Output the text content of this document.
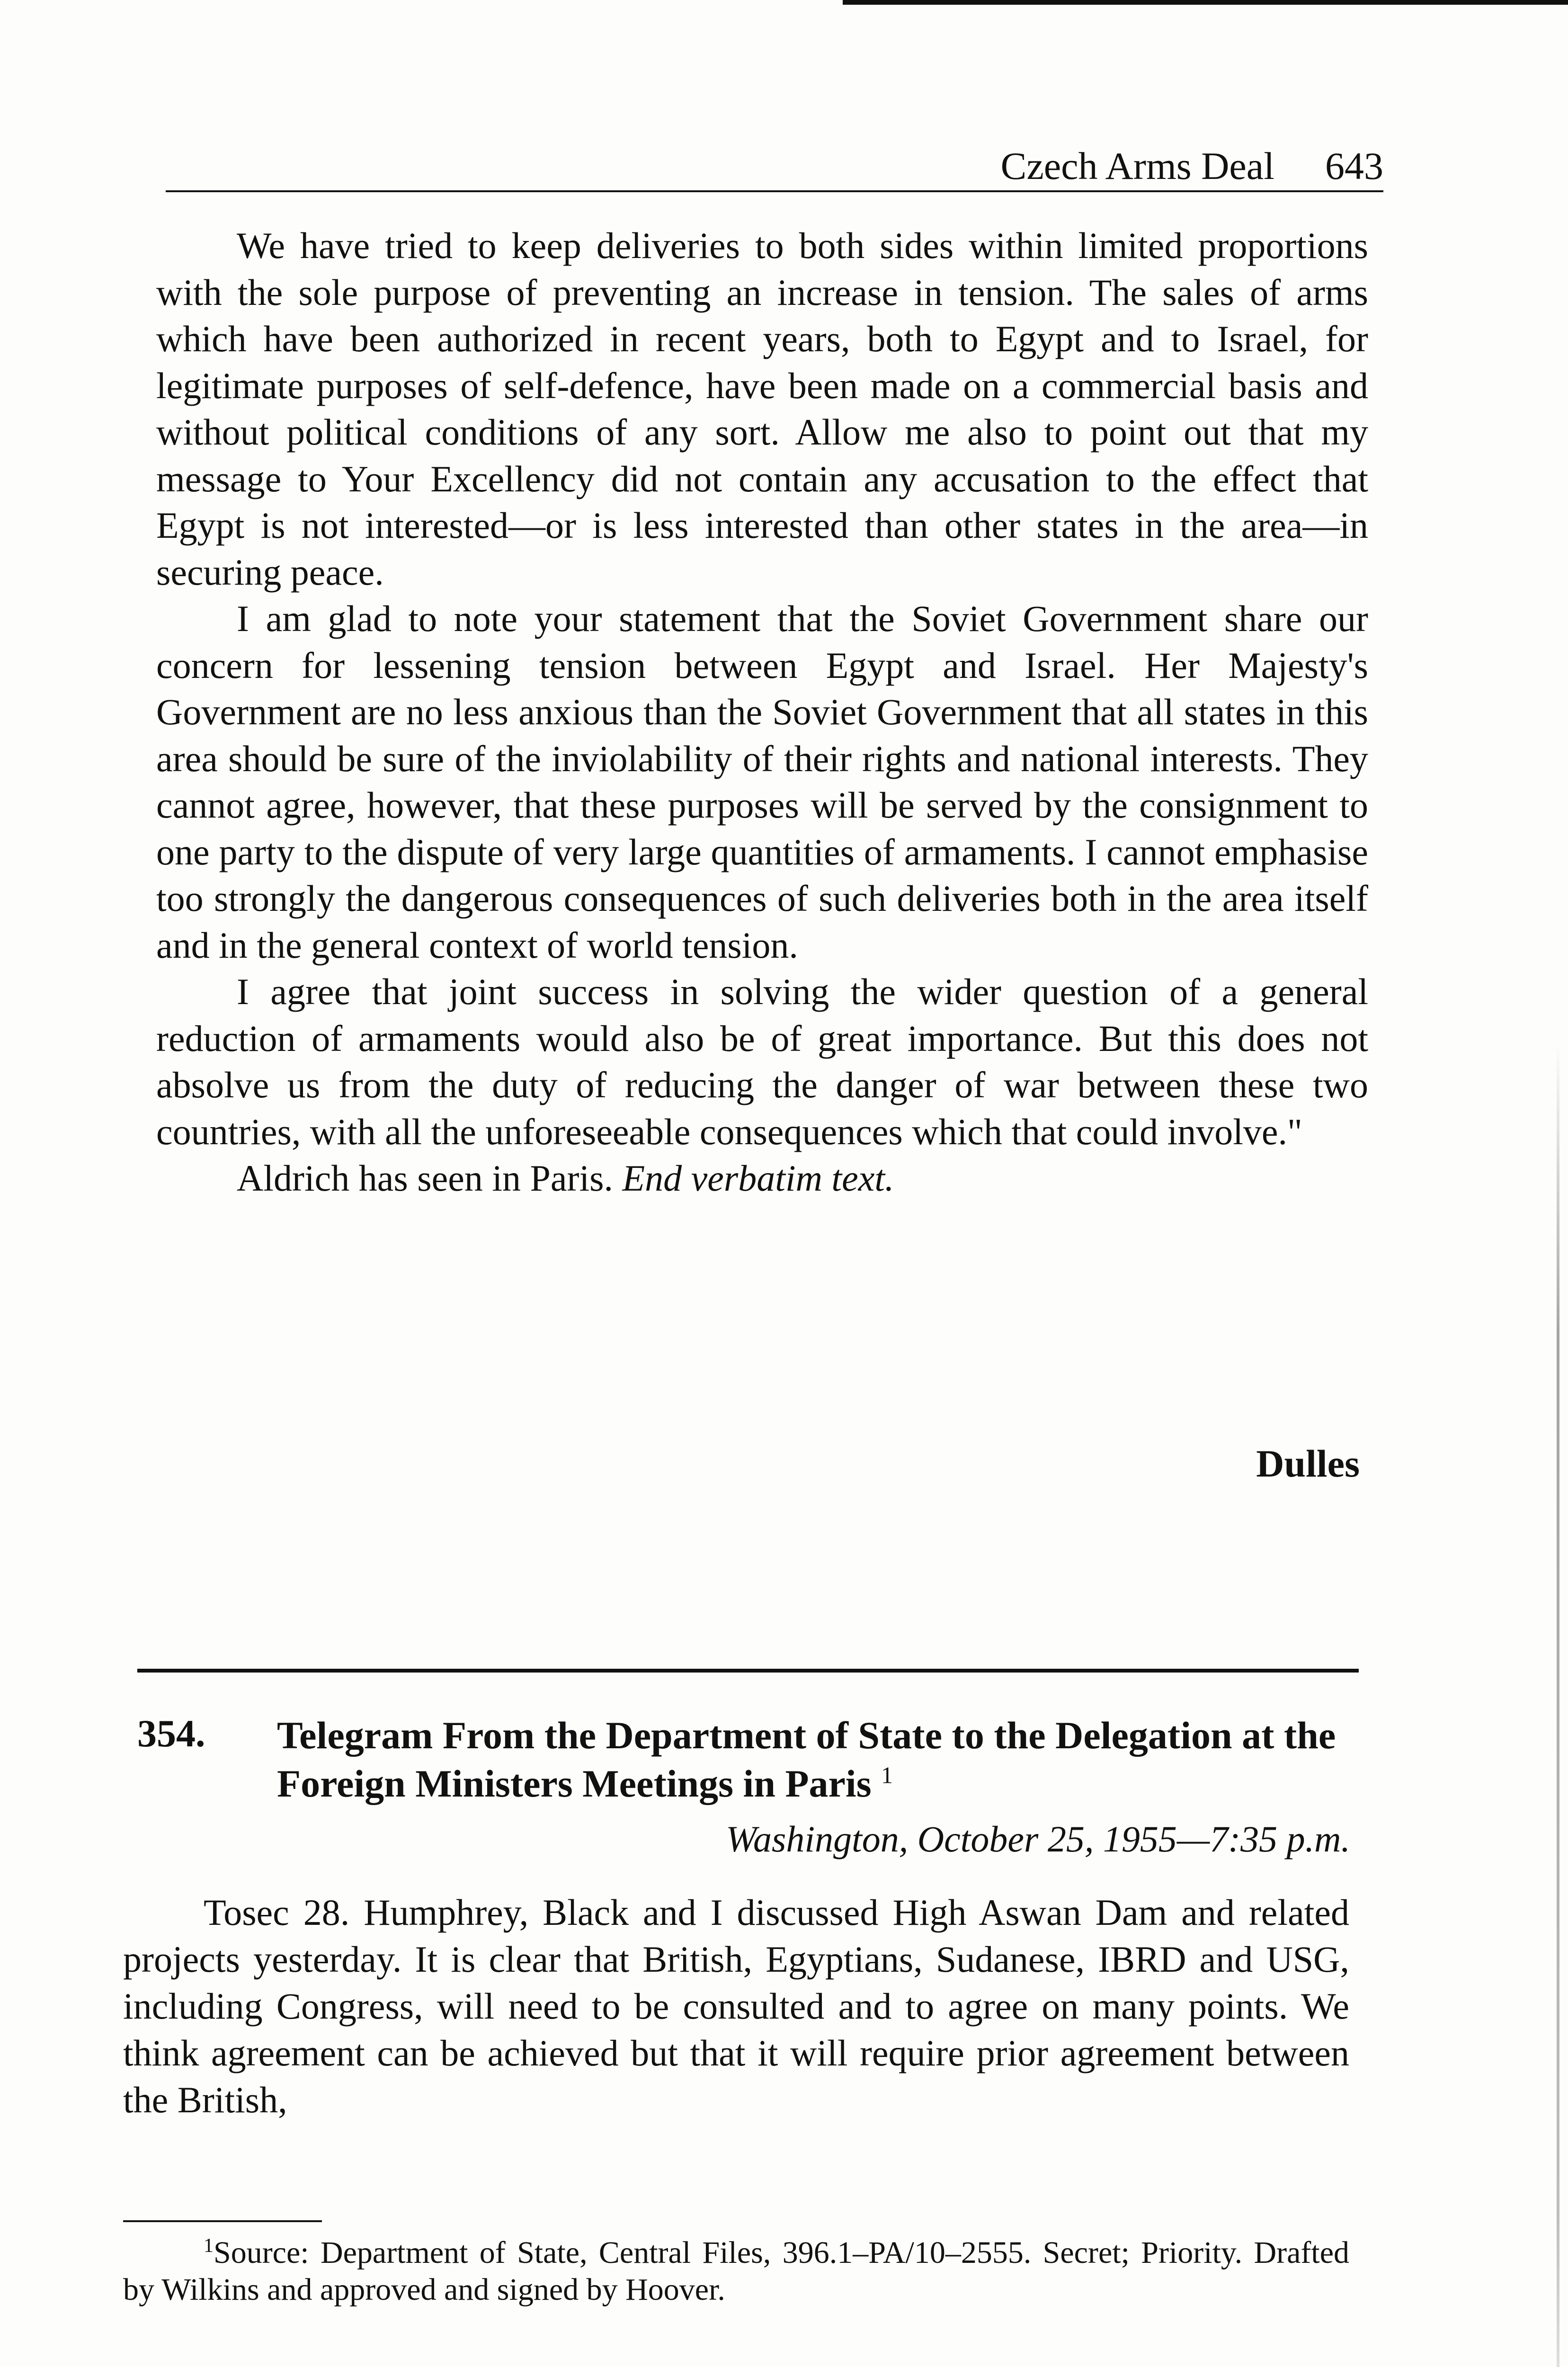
Czech Arms Deal 643

We have tried to keep deliveries to both sides within limited proportions with the sole purpose of preventing an increase in tension. The sales of arms which have been authorized in recent years, both to Egypt and to Israel, for legitimate purposes of self-defence, have been made on a commercial basis and without political conditions of any sort. Allow me also to point out that my message to Your Excellency did not contain any accusation to the effect that Egypt is not interested—or is less interested than other states in the area—in securing peace.

I am glad to note your statement that the Soviet Government share our concern for lessening tension between Egypt and Israel. Her Majesty's Government are no less anxious than the Soviet Government that all states in this area should be sure of the inviolability of their rights and national interests. They cannot agree, however, that these purposes will be served by the consignment to one party to the dispute of very large quantities of armaments. I cannot emphasise too strongly the dangerous consequences of such deliveries both in the area itself and in the general context of world tension.

I agree that joint success in solving the wider question of a general reduction of armaments would also be of great importance. But this does not absolve us from the duty of reducing the danger of war between these two countries, with all the unforeseeable consequences which that could involve."

Aldrich has seen in Paris. End verbatim text.

Dulles
354. Telegram From the Department of State to the Delegation at the Foreign Ministers Meetings in Paris $^1$
Washington, October 25, 1955—7:35 p.m.

Tosec 28. Humphrey, Black and I discussed High Aswan Dam and related projects yesterday. It is clear that British, Egyptians, Sudanese, IBRD and USG, including Congress, will need to be consulted and to agree on many points. We think agreement can be achieved but that it will require prior agreement between the British,

$^1$Source: Department of State, Central Files, 396.1–PA/10–2555. Secret; Priority. Drafted by Wilkins and approved and signed by Hoover.
